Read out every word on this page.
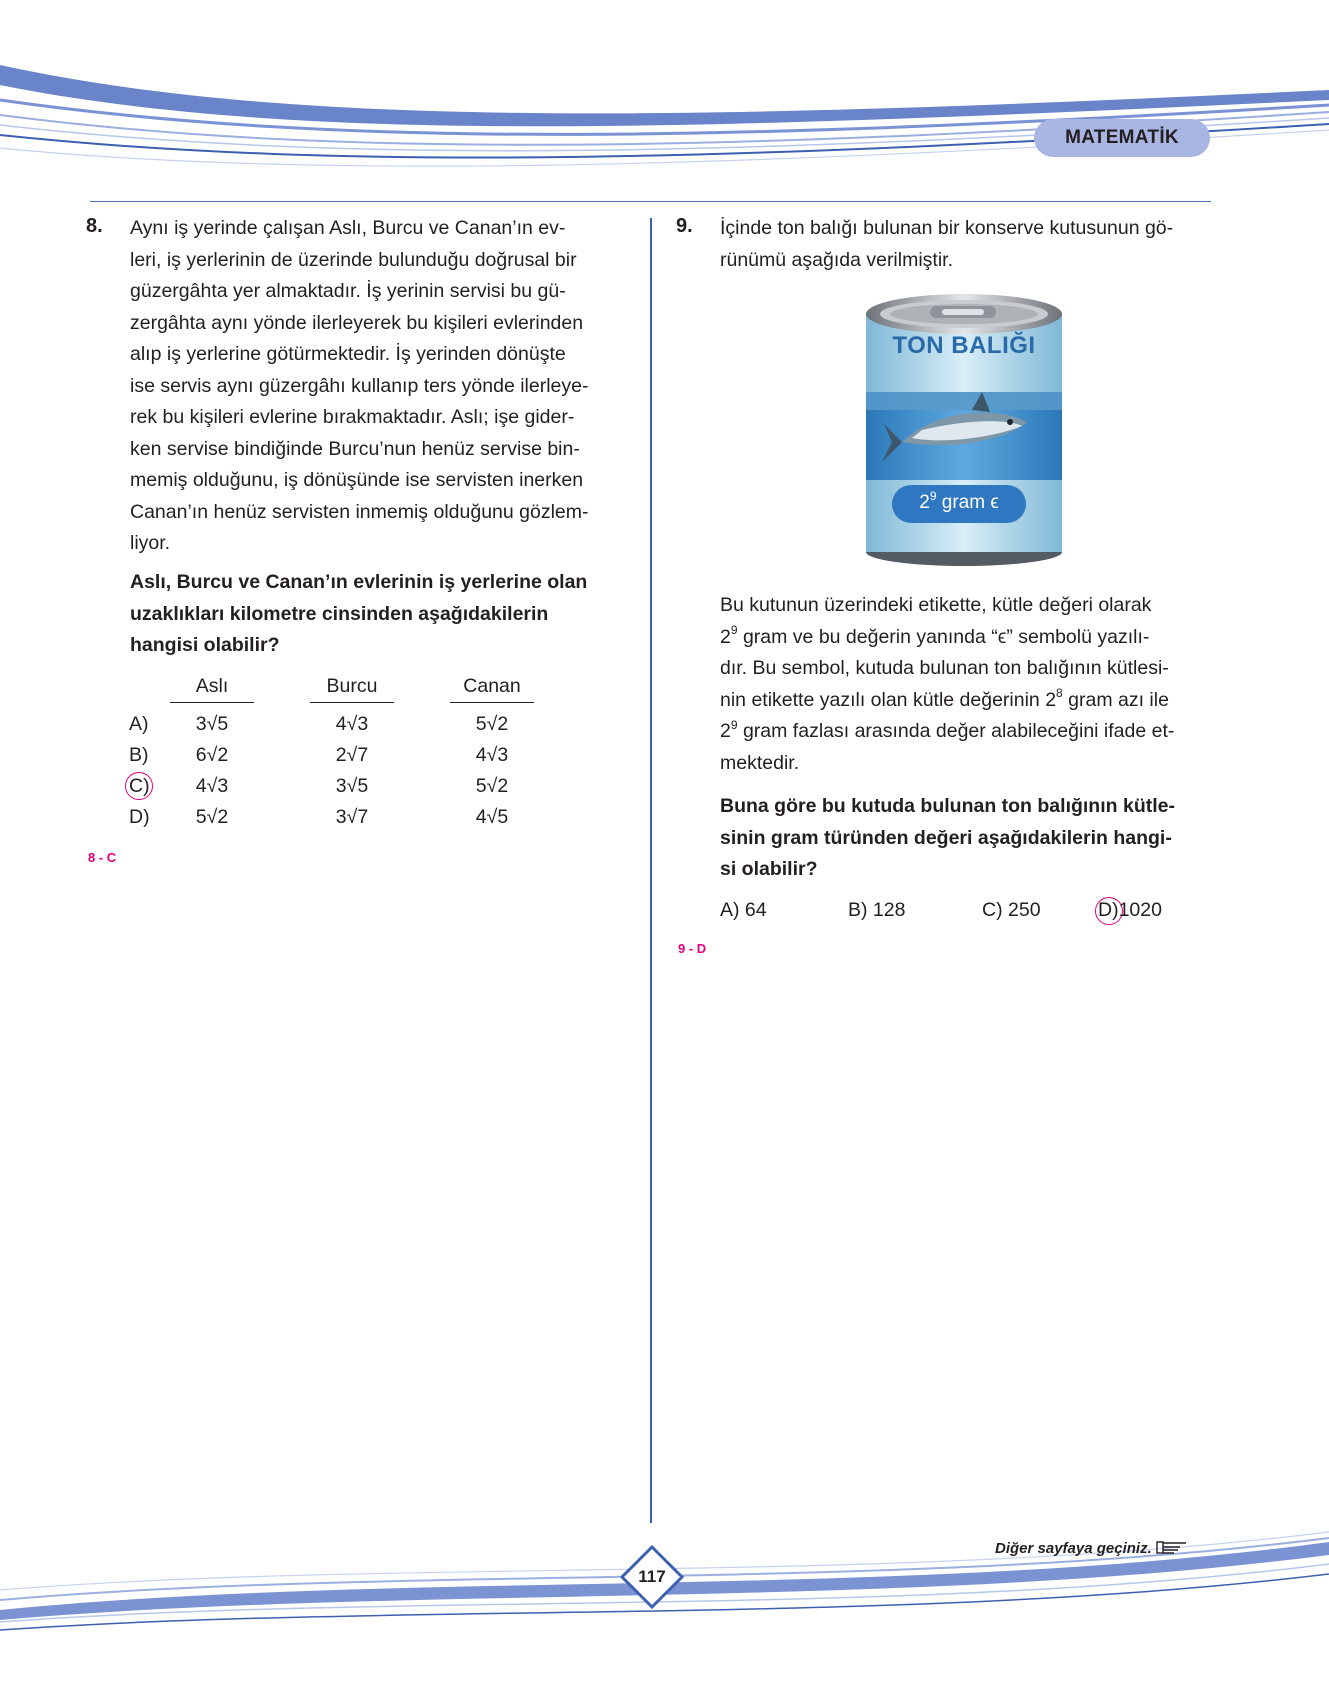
MATEMATİK
8. Aynı iş yerinde çalışan Aslı, Burcu ve Canan’ın ev-
leri, iş yerlerinin de üzerinde bulunduğu doğrusal bir
güzergâhta yer almaktadır. İş yerinin servisi bu gü-
zergâhta aynı yönde ilerleyerek bu kişileri evlerinden
alıp iş yerlerine götürmektedir. İş yerinden dönüşte
ise servis aynı güzergâhı kullanıp ters yönde ilerleye-
rek bu kişileri evlerine bırakmaktadır. Aslı; işe gider-
ken servise bindiğinde Burcu’nun henüz servise bin-
memiş olduğunu, iş dönüşünde ise servisten inerken
Canan’ın henüz servisten inmemiş olduğunu gözlem-
liyor.
Aslı, Burcu ve Canan’ın evlerinin iş yerlerine olan
uzaklıkları kilometre cinsinden aşağıdakilerin
hangisi olabilir?
Aslı	Burcu	Canan
A)	3√5	4√3	5√2
B)	6√2	2√7	4√3
C)	4√3	3√5	5√2
D)	5√2	3√7	4√5
8 - C
9. İçinde ton balığı bulunan bir konserve kutusunun gö-
rünümü aşağıda verilmiştir.
TON BALIĞI
$2^9$ gram ϵ
Bu kutunun üzerindeki etikette, kütle değeri olarak
$2^9$ gram ve bu değerin yanında “ϵ” sembolü yazılı-
dır. Bu sembol, kutuda bulunan ton balığının kütlesi-
nin etikette yazılı olan kütle değerinin $2^8$ gram azı ile
$2^9$ gram fazlası arasında değer alabileceğini ifade et-
mektedir.
Buna göre bu kutuda bulunan ton balığının kütle-
sinin gram türünden değeri aşağıdakilerin hangi-
si olabilir?
A) 64	B) 128	C) 250	D)1020
9 - D
117
Diğer sayfaya geçiniz.
